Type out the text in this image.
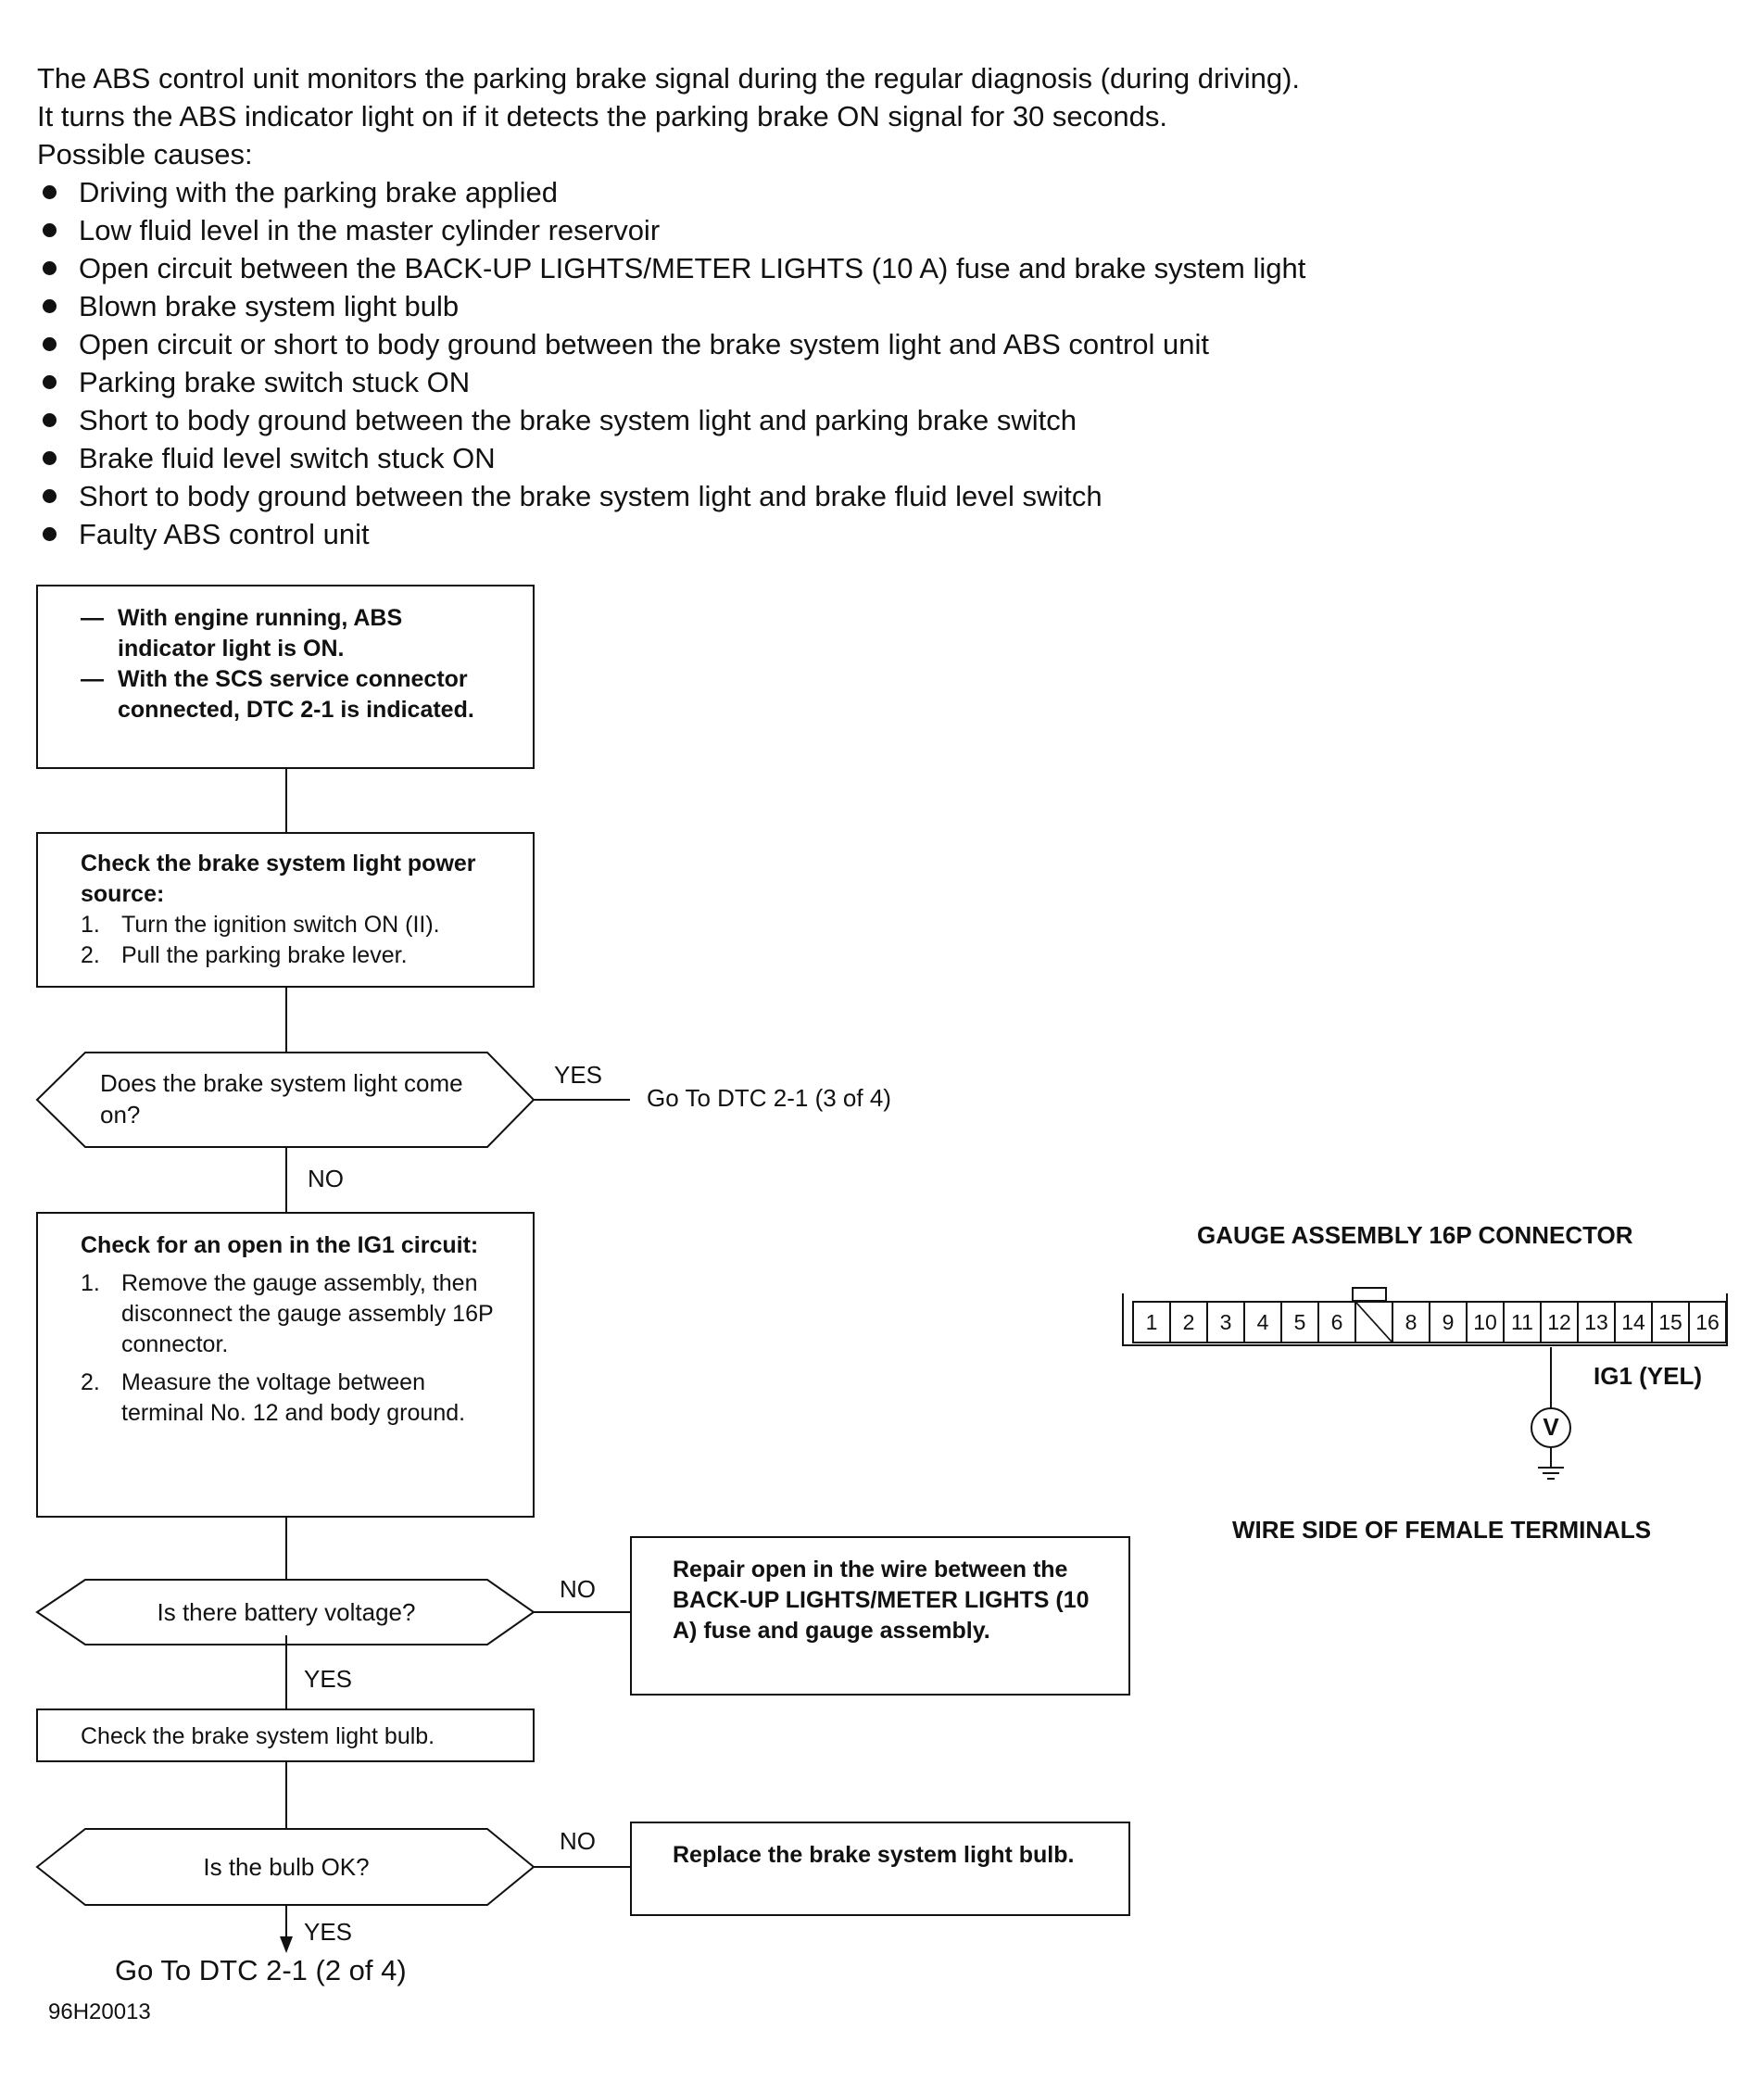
The ABS control unit monitors the parking brake signal during the regular diagnosis (during driving).

It turns the ABS indicator light on if it detects the parking brake ON signal for 30 seconds.

Possible causes:

Driving with the parking brake applied
Low fluid level in the master cylinder reservoir
Open circuit between the BACK-UP LIGHTS/METER LIGHTS (10 A) fuse and brake system light
Blown brake system light bulb
Open circuit or short to body ground between the brake system light and ABS control unit
Parking brake switch stuck ON
Short to body ground between the brake system light and parking brake switch
Brake fluid level switch stuck ON
Short to body ground between the brake system light and brake fluid level switch
Faulty ABS control unit
— With engine running, ABS indicator light is ON.
— With the SCS service connector connected, DTC 2-1 is indicated.
Check the brake system light power source:
1. Turn the ignition switch ON (II).
2. Pull the parking brake lever.
Does the brake system light come on?
YES
Go To DTC 2-1 (3 of 4)
NO
Check for an open in the IG1 circuit:
1. Remove the gauge assembly, then disconnect the gauge assembly 16P connector.
2. Measure the voltage between terminal No. 12 and body ground.
Is there battery voltage?
NO
Repair open in the wire between the BACK-UP LIGHTS/METER LIGHTS (10 A) fuse and gauge assembly.
YES
Check the brake system light bulb.
Is the bulb OK?
NO	Replace the brake system light bulb.
YES
Go To DTC 2-1 (2 of 4)
96H20013
GAUGE ASSEMBLY 16P CONNECTOR
1	2	3	4	5	6	8	9 10 11 12 13 14 15 16
IG1 (YEL)
V
WIRE SIDE OF FEMALE TERMINALS
